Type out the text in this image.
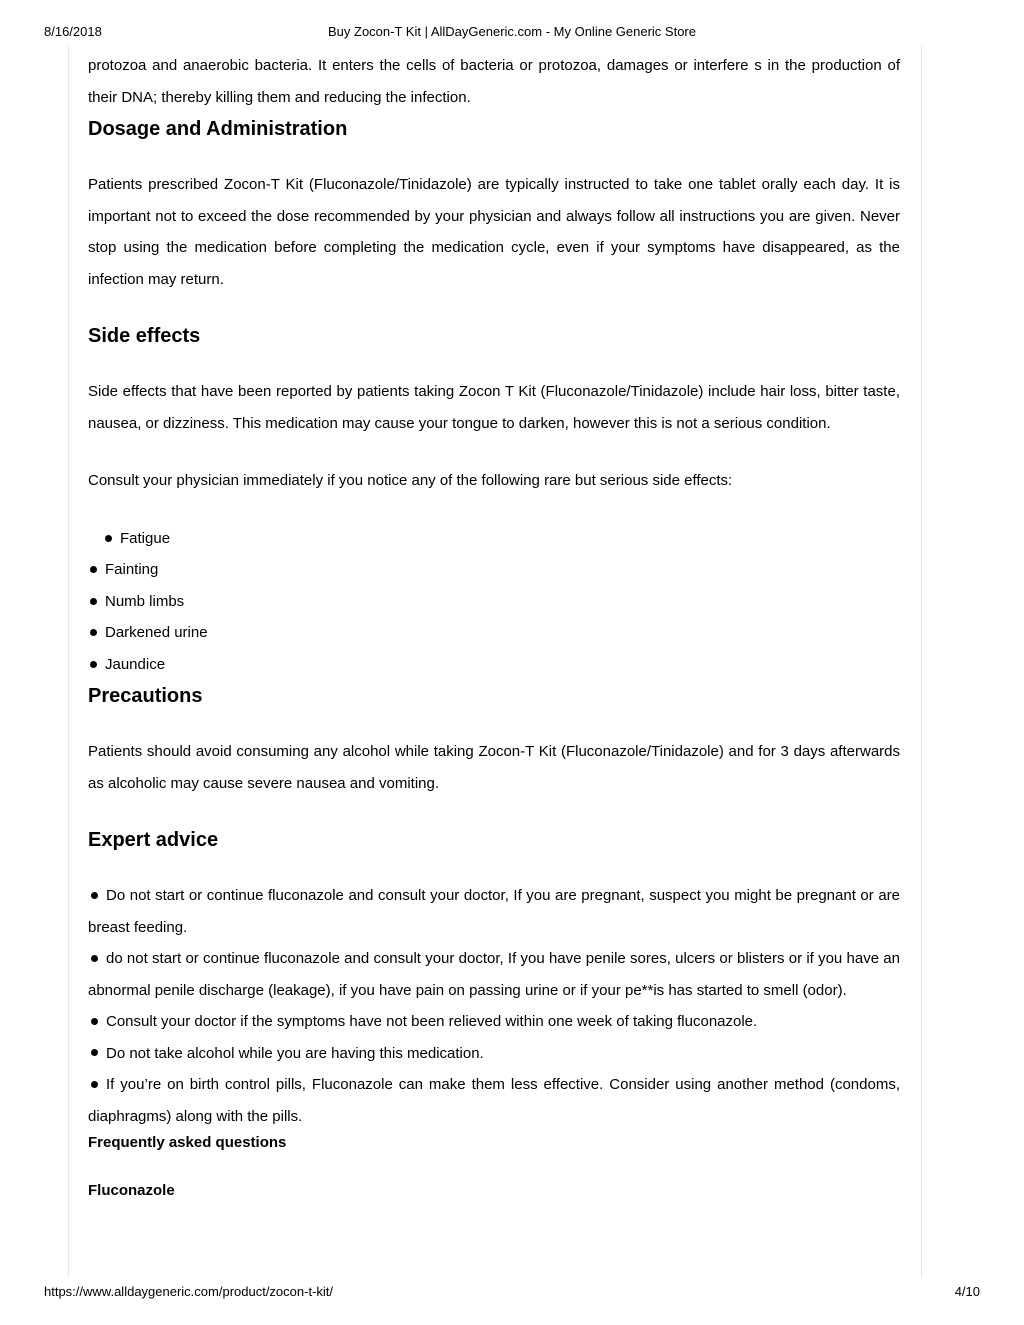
8/16/2018	Buy Zocon-T Kit | AllDayGeneric.com - My Online Generic Store

protozoa and anaerobic bacteria. It enters the cells of bacteria or protozoa, damages or interfere s in the production of their DNA; thereby killing them and reducing the infection.

Dosage and Administration

Patients prescribed Zocon-T Kit (Fluconazole/Tinidazole) are typically instructed to take one tablet orally each day. It is important not to exceed the dose recommended by your physician and always follow all instructions you are given. Never stop using the medication before completing the medication cycle, even if your symptoms have disappeared, as the infection may return.

Side effects

Side effects that have been reported by patients taking Zocon T Kit (Fluconazole/Tinidazole) include hair loss, bitter taste, nausea, or dizziness. This medication may cause your tongue to darken, however this is not a serious condition.

Consult your physician immediately if you notice any of the following rare but serious side effects:

Fatigue
Fainting
Numb limbs
Darkened urine
Jaundice
Precautions

Patients should avoid consuming any alcohol while taking Zocon-T Kit (Fluconazole/Tinidazole) and for 3 days afterwards as alcoholic may cause severe nausea and vomiting.

Expert advice

Do not start or continue fluconazole and consult your doctor, If you are pregnant, suspect you might be pregnant or are breast feeding.

do not start or continue fluconazole and consult your doctor, If you have penile sores, ulcers or blisters or if you have an abnormal penile discharge (leakage), if you have pain on passing urine or if your pe**is has started to smell (odor).

Consult your doctor if the symptoms have not been relieved within one week of taking fluconazole.

Do not take alcohol while you are having this medication.

If you’re on birth control pills, Fluconazole can make them less effective. Consider using another method (condoms, diaphragms) along with the pills.

Frequently asked questions

Fluconazole

https://www.alldaygeneric.com/product/zocon-t-kit/	4/10
